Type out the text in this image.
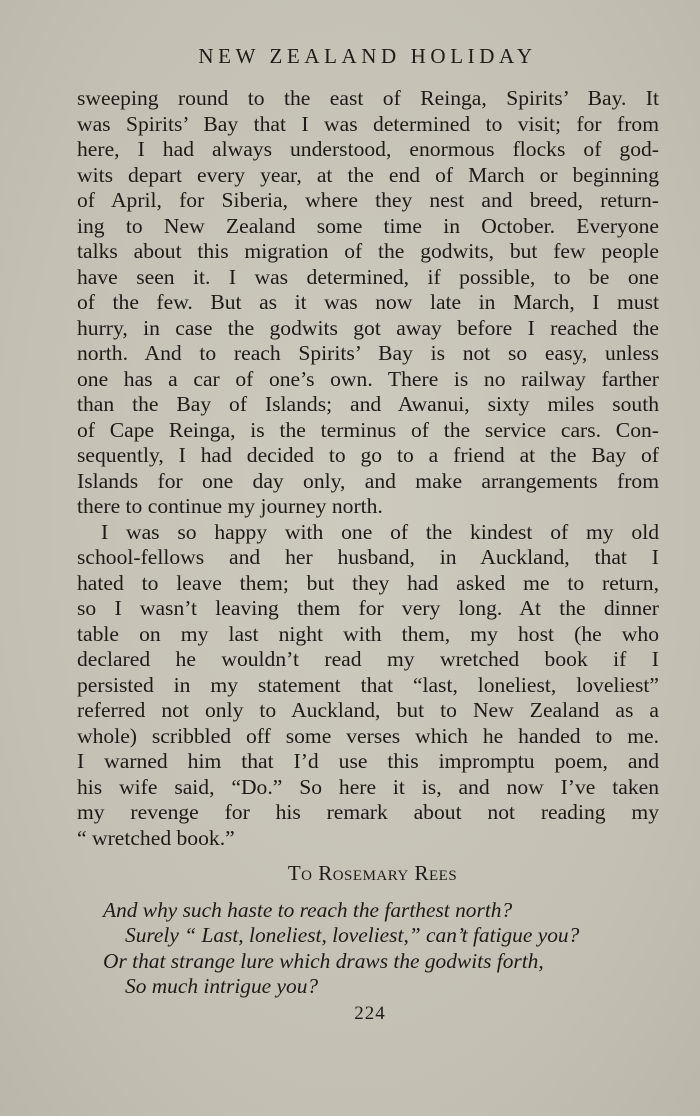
NEW ZEALAND HOLIDAY
sweeping round to the east of Reinga, Spirits’ Bay. It
was Spirits’ Bay that I was determined to visit; for from
here, I had always understood, enormous flocks of god-
wits depart every year, at the end of March or beginning
of April, for Siberia, where they nest and breed, return-
ing to New Zealand some time in October. Everyone
talks about this migration of the godwits, but few people
have seen it. I was determined, if possible, to be one
of the few. But as it was now late in March, I must
hurry, in case the godwits got away before I reached the
north. And to reach Spirits’ Bay is not so easy, unless
one has a car of one’s own. There is no railway farther
than the Bay of Islands; and Awanui, sixty miles south
of Cape Reinga, is the terminus of the service cars. Con-
sequently, I had decided to go to a friend at the Bay of
Islands for one day only, and make arrangements from
there to continue my journey north.
I was so happy with one of the kindest of my old
school-fellows and her husband, in Auckland, that I
hated to leave them; but they had asked me to return,
so I wasn’t leaving them for very long. At the dinner
table on my last night with them, my host (he who
declared he wouldn’t read my wretched book if I
persisted in my statement that “last, loneliest, loveliest”
referred not only to Auckland, but to New Zealand as a
whole) scribbled off some verses which he handed to me.
I warned him that I’d use this impromptu poem, and
his wife said, “Do.” So here it is, and now I’ve taken
my revenge for his remark about not reading my
“ wretched book.”
To Rosemary Rees
And why such haste to reach the farthest north?
Surely “ Last, loneliest, loveliest,” can’t fatigue you?
Or that strange lure which draws the godwits forth,
So much intrigue you?
224
